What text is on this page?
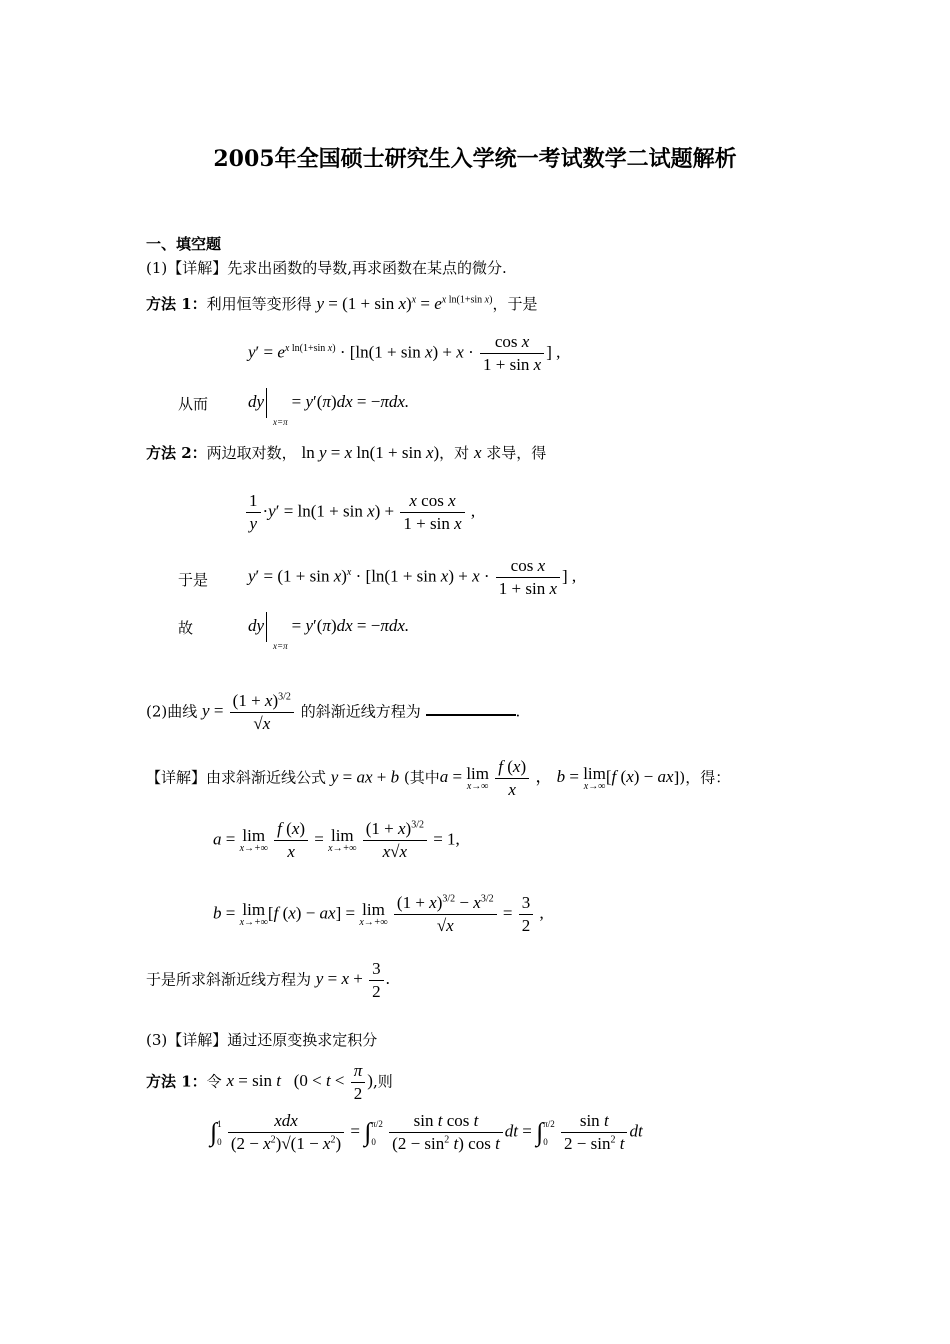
2005年全国硕士研究生入学统一考试数学二试题解析
一、填空题
(1)【详解】先求出函数的导数,再求函数在某点的微分.
方法 1：利用恒等变形得 $y = (1 + \sin x)^x = e^{x ln(1+sin x)}$，于是
$y' = e^{x ln(1+sin x)} \cdot [\ln(1 + \sin x) + x \cdot \frac{\text{cos x}}{\text{1 + sin x}}$ ] ,
从而 dyx=π= y′(π)dx = −πdx.
方法 2：两边取对数， ln y = x ln(1 + sin x)，对 x 求导，得
$\frac{1}{y} \cdot y' = \ln(1 + \sin x) + \frac{\text{x cos x}}{\text{1 + sin x}}$ ,
于是 $y' = (1 + \sin x)^x \cdot [\ln(1 + \sin x) + x \cdot \frac{\text{cos x}}{\text{1 + sin x}}$ ] ,
故	dyx=π= y′(π)dx = −πdx.
(2)曲线 $y = \frac{(1 + x)^{3/2}}{√x}$ 的斜渐近线方程为	.
【详解】由求斜渐近线公式 y = ax + b (其中a = lim
x→∞
$\frac{f (x)}{x}$ ， b = lim
x→∞ [f (x) − ax])，得：
a = lim
x→+∞
$\frac{f (x)}{x} = \lim$
x→+∞
$\frac{(1 + x)^{3/2}}{x√x} = 1$,
b = lim
x→+∞ [f (x) − ax] = lim
x→+∞
$\frac{(1 + x)^{3/2} - x^{3/2}}{√x} = \frac{3}{2}$ ,
于是所求斜渐近线方程为 $y = x + \frac{3}{2}$ .
(3)【详解】通过还原变换求定积分
方法 1：令 x = sin t   ($0 < t < \frac{\pi}{2}$ ),则
∫1
$0 \frac{\text{xdx}}{(2 - x^2)√(1 - x^2)} = \int\pi/2$
$0 \frac{\text{sin t cos t}}{(2 - \sin^2 t) \cos t}$ dt = ∫π/2
$0 \frac{\text{sin t}}{2 - \sin^2 t}$ dt
